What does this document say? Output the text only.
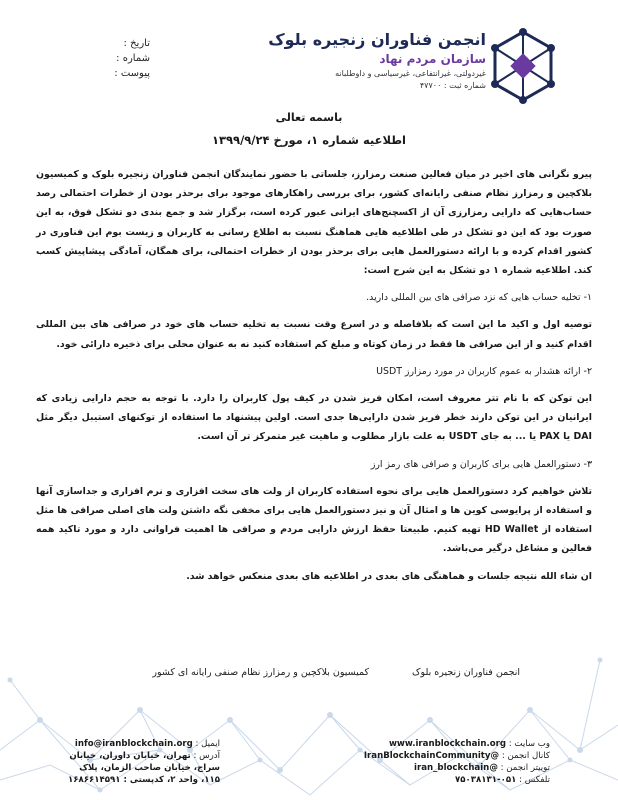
انجمن فناوران زنجیره بلوک
سازمان مردم نهاد
غیردولتی، غیرانتفاعی، غیرسیاسی و داوطلبانه
شماره ثبت : ۴۷۷۰۰
تاریخ :
شماره :
پیوست :
باسمه تعالی
اطلاعیه شماره ۱، مورخ ۱۳۹۹/۹/۲۴

پیرو نگرانی های اخیر در میان فعالین صنعت رمزارز، جلساتی با حضور نمایندگان انجمن فناوران زنجیره بلوک و کمیسیون بلاکچین و رمزارز نظام صنفی رایانه‌ای کشور، برای بررسی راهکارهای موجود برای برحذر بودن از خطرات احتمالی رصد حساب‌هایی که دارایی رمزارزی آن از اکسچنج‌های ایرانی عبور کرده است، برگزار شد و جمع بندی دو تشکل فوق، به این صورت بود که این دو تشکل در طی اطلاعیه هایی هماهنگ نسبت به اطلاع رسانی به کاربران و زیست بوم این فناوری در کشور اقدام کرده و با ارائه دستورالعمل هایی برای برحذر بودن از خطرات احتمالی، برای همگان، آمادگی پیشاپیش کسب کند. اطلاعیه شماره ۱ دو تشکل به این شرح است:

۱- تخلیه حساب هایی که نزد صرافی های بین المللی دارید.

توصیه اول و اکید ما این است که بلافاصله و در اسرع وقت نسبت به تخلیه حساب های خود در صرافی های بین المللی اقدام کنید و از این صرافی ها فقط در زمان کوتاه و مبلغ کم استفاده کنید نه به عنوان محلی برای ذخیره دارائی خود.

۲- ارائه هشدار به عموم کاربران در مورد رمزارز USDT

این توکن که با نام تتر معروف است، امکان فریز شدن در کیف پول کاربران را دارد. با توجه به حجم دارایی زیادی که ایرانیان در این توکن دارند خطر فریز شدن دارایی‌ها جدی است. اولین پیشنهاد ما استفاده از توکنهای استیبل دیگر مثل DAI یا PAX یا ... به جای USDT به علت بازار مطلوب و ماهیت غیر متمرکز تر آن است.

۳- دستورالعمل هایی برای کاربران و صرافی های رمز ارز

تلاش خواهیم کرد دستورالعمل هایی برای نحوه استفاده کاربران از ولت های سخت افزاری و نرم افزاری و جداسازی آنها و استفاده از پرایوسی کوین ها و امثال آن و نیز دستورالعمل هایی برای مخفی نگه داشتن ولت های اصلی صرافی ها مثل استفاده از HD Wallet تهیه کنیم. طبیعتا حفظ ارزش دارایی مردم و صرافی ها اهمیت فراوانی دارد و مورد تاکید همه فعالین و مشاغل درگیر می‌باشد.

ان شاء الله نتیجه جلسات و هماهنگی های بعدی در اطلاعیه های بعدی منعکس خواهد شد.

انجمن فناوران زنجیره بلوک کمیسیون بلاکچین و رمزارز نظام صنفی رایانه ای کشور
وب سایت : www.iranblockchain.org
کانال انجمن : @IranBlockchainCommunity
توییتر انجمن : @iran_blockchain
تلفکس : ۰۵۱-۷۵۰۳۸۱۳۱
ایمیل : info@iranblockchain.org
آدرس : تهران، خیابان داوران، خیابان
سراج، خیابان صاحب الزمان، پلاک
۱۱۵، واحد ۲، کدپستی : ۱۶۸۶۶۱۴۵۹۱
